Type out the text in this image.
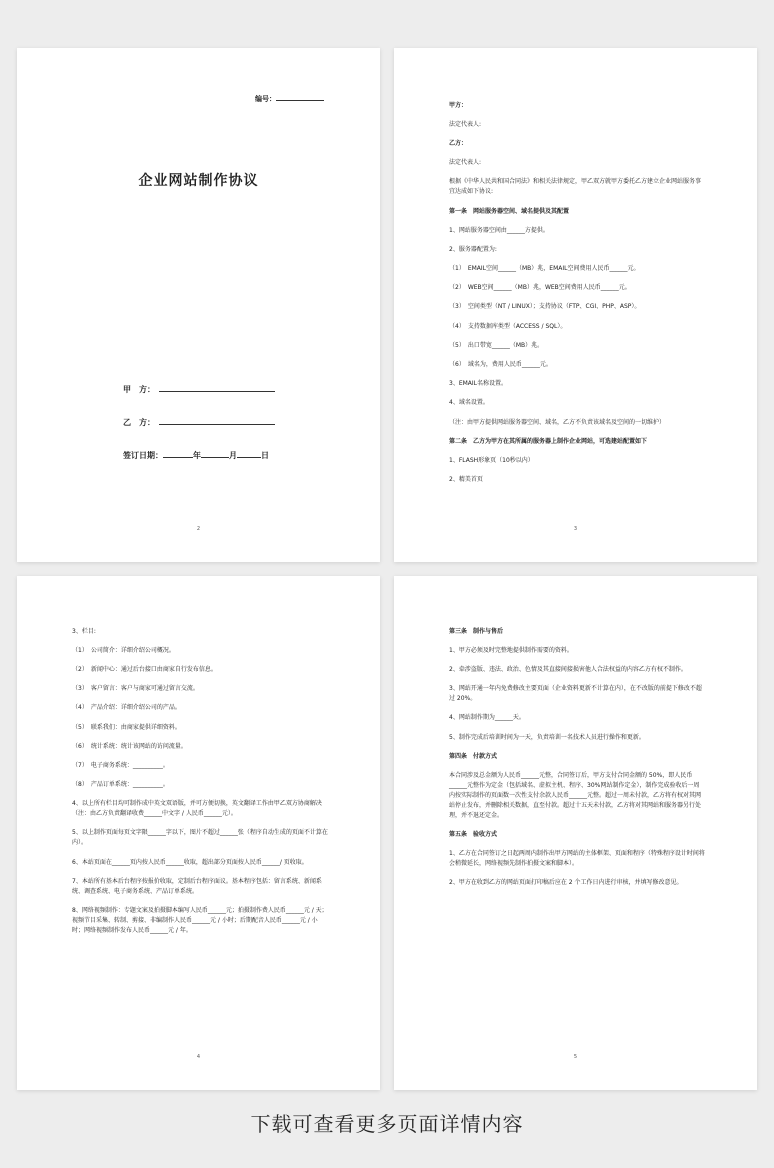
编号：
企业网站制作协议
甲　方：
乙　方：
签订日期：	年	月	日
2

甲方：

法定代表人:

乙方：

法定代表人:

根据《中华人民共和国合同法》和相关法律规定，甲乙双方就甲方委托乙方建立企业网站服务事宜达成如下协议:

第一条　网站服务器空间、域名提供及其配置

1、网站服务器空间由______方提供。

2、服务器配置为:

（1）　EMAIL空间______（MB）兆，EMAIL空间费用人民币______元。

（2）　WEB空间______（MB）兆，WEB空间费用人民币______元。

（3）　空间类型（NT / LINUX）；支持协议（FTP、CGI、PHP、ASP）。

（4）　支持数据库类型（ACCESS / SQL）。

（5）　出口带宽______（MB）兆。

（6）　域名为，费用人民币______元。

3、EMAIL名称设置。

4、域名设置。

（注：由甲方提供网站服务器空间、域名，乙方不负责该域名及空间的一切维护）

第二条　乙方为甲方在其所属的服务器上制作企业网站，可选建站配置如下

1、FLASH形象页（10秒以内）

2、精美首页

3

3、栏目:

（1）　公司简介：详细介绍公司概况。

（2）　新闻中心：通过后台接口由商家自行发布信息。

（3）　客户留言：客户与商家可通过留言交流。

（4）　产品介绍：详细介绍公司的产品。

（5）　联系我们：由商家提供详细资料。

（6）　统计系统：统计该网站的访问流量。

（7）　电子商务系统：__________。

（8）　产品订单系统：__________。

4、以上所有栏目均可制作成中英文双语版，并可方便切换，英文翻译工作由甲乙双方协商解决（注：由乙方负责翻译收费______中文字 / 人民币______元）。

5、以上制作页面每页文字限______字以下，图片不超过______张（程序自动生成的页面不计算在内）。

6、本站页面在______页内按人民币______收取，超出部分页面按人民币______/ 页收取。

7、本站所有基本后台程序按报价收取，定制后台程序面议。基本程序包括：留言系统、新闻系统、调查系统、电子商务系统、产品订单系统。

8、网络视频制作：专题文案及拍摄脚本编写人民币______元；拍摄制作费人民币______元 / 天；视频节目采集、转制、剪接、非编制作人民币______元 / 小时；后期配音人民币______元 / 小时；网络视频制作发布人民币______元 / 年。

4

第三条　制作与售后

1、甲方必须及时完整地提供制作需要的资料。

2、牵涉盗版、违法、政治、色情及其直接间接损害他人合法权益的内容乙方有权不制作。

3、网站开通一年内免费修改主要页面（企业资料更新不计算在内），在不改版的前提下修改不超过 20%。

4、网站制作期为______天。

5、制作完成后培训时间为一天，负责培训一名技术人员进行操作和更新。

第四条　付款方式

本合同涉及总金额为人民币______元整，合同签订后，甲方支付合同金额的 50%，即人民币______元整作为定金（包括域名、虚拟主机、程序、30%网站制作定金），制作完成验收后一周内按实际制作的页面数一次性支付余款人民币______元整。超过一周未付款，乙方将有权对其网站停止发布，并删除相关数据，直至付款。超过十五天未付款，乙方将对其网站和服务器另行处理，并不退还定金。

第五条　验收方式

1、乙方在合同签订之日起两周内制作出甲方网站的主体框架、页面和程序（特殊程序设计时间将会稍微延长，网络视频先制作拍摄文案和脚本）。

2、甲方在收到乙方的网站页面打印稿后应在 2 个工作日内进行审核，并填写修改意见。

5
下载可查看更多页面详情内容
